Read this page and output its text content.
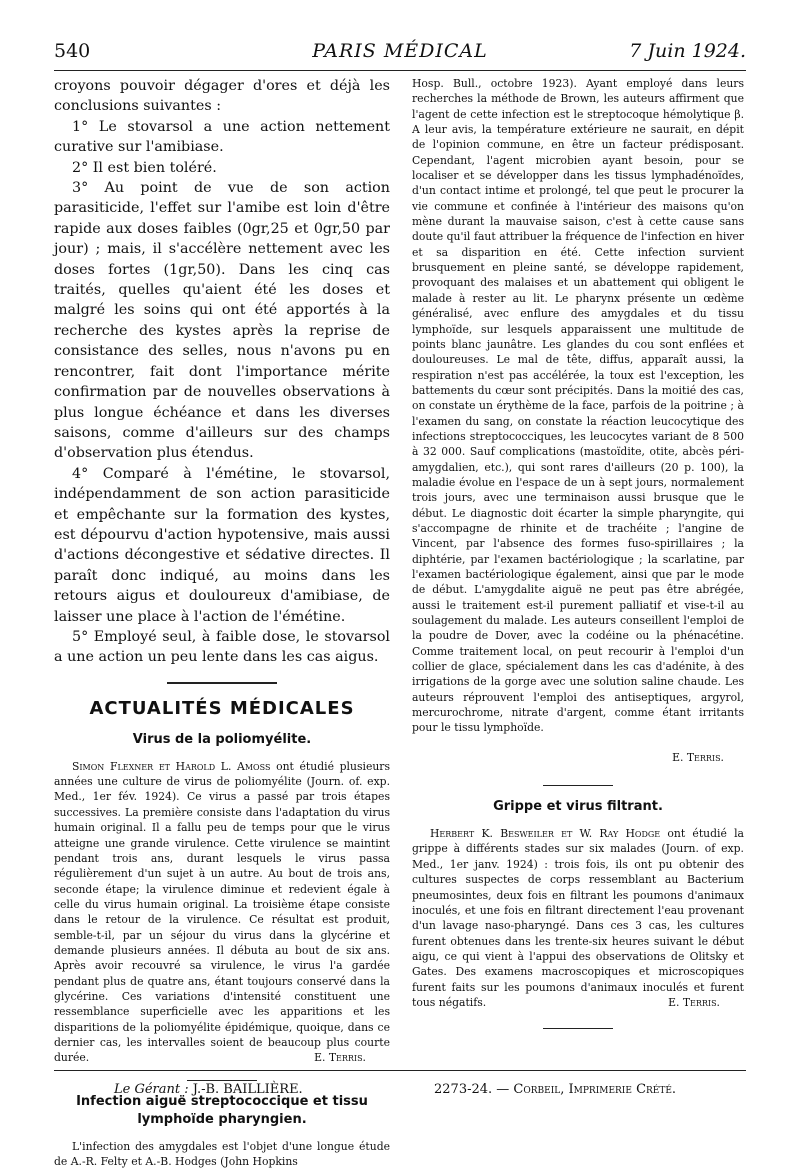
540	PARIS MÉDICAL	7 Juin 1924.

croyons pouvoir dégager d'ores et déjà les conclusions suivantes :

1° Le stovarsol a une action nettement curative sur l'amibiase.

2° Il est bien toléré.

3° Au point de vue de son action parasiticide, l'effet sur l'amibe est loin d'être rapide aux doses faibles (0gr,25 et 0gr,50 par jour) ; mais, il s'accélère nettement avec les doses fortes (1gr,50). Dans les cinq cas traités, quelles qu'aient été les doses et malgré les soins qui ont été apportés à la recherche des kystes après la reprise de consistance des selles, nous n'avons pu en rencontrer, fait dont l'importance mérite confirmation par de nouvelles observations à plus longue échéance et dans les diverses saisons, comme d'ailleurs sur des champs d'observation plus étendus.

4° Comparé à l'émétine, le stovarsol, indépendamment de son action parasiticide et empêchante sur la formation des kystes, est dépourvu d'action hypotensive, mais aussi d'actions décongestive et sédative directes. Il paraît donc indiqué, au moins dans les retours aigus et douloureux d'amibiase, de laisser une place à l'action de l'émétine.

5° Employé seul, à faible dose, le stovarsol a une action un peu lente dans les cas aigus.

ACTUALITÉS MÉDICALES
Virus de la poliomyélite.

Simon Flexner et Harold L. Amoss ont étudié plusieurs années une culture de virus de poliomyélite (Journ. of. exp. Med., 1er fév. 1924). Ce virus a passé par trois étapes successives. La première consiste dans l'adaptation du virus humain original. Il a fallu peu de temps pour que le virus atteigne une grande virulence. Cette virulence se maintint pendant trois ans, durant lesquels le virus passa régulièrement d'un sujet à un autre. Au bout de trois ans, seconde étape; la virulence diminue et redevient égale à celle du virus humain original. La troisième étape consiste dans le retour de la virulence. Ce résultat est produit, semble-t-il, par un séjour du virus dans la glycérine et demande plusieurs années. Il débuta au bout de six ans. Après avoir recouvré sa virulence, le virus l'a gardée pendant plus de quatre ans, étant toujours conservé dans la glycérine. Ces variations d'intensité constituent une ressemblance superficielle avec les apparitions et les disparitions de la poliomyélite épidémique, quoique, dans ce dernier cas, les intervalles soient de beaucoup plus courte durée.	E. Terris.

Infection aiguë streptococcique et tissu lymphoïde pharyngien.

L'infection des amygdales est l'objet d'une longue étude de A.-R. Felty et A.-B. Hodges (John Hopkins

Hosp. Bull., octobre 1923). Ayant employé dans leurs recherches la méthode de Brown, les auteurs affirment que l'agent de cette infection est le streptocoque hémolytique β. A leur avis, la température extérieure ne saurait, en dépit de l'opinion commune, en être un facteur prédisposant. Cependant, l'agent microbien ayant besoin, pour se localiser et se développer dans les tissus lymphadénoïdes, d'un contact intime et prolongé, tel que peut le procurer la vie commune et confinée à l'intérieur des maisons qu'on mène durant la mauvaise saison, c'est à cette cause sans doute qu'il faut attribuer la fréquence de l'infection en hiver et sa disparition en été. Cette infection survient brusquement en pleine santé, se développe rapidement, provoquant des malaises et un abattement qui obligent le malade à rester au lit. Le pharynx présente un œdème généralisé, avec enflure des amygdales et du tissu lymphoïde, sur lesquels apparaissent une multitude de points blanc jaunâtre. Les glandes du cou sont enflées et douloureuses. Le mal de tête, diffus, apparaît aussi, la respiration n'est pas accélérée, la toux est l'exception, les battements du cœur sont précipités. Dans la moitié des cas, on constate un érythème de la face, parfois de la poitrine ; à l'examen du sang, on constate la réaction leucocytique des infections streptococciques, les leucocytes variant de 8 500 à 32 000. Sauf complications (mastoïdite, otite, abcès péri-amygdalien, etc.), qui sont rares d'ailleurs (20 p. 100), la maladie évolue en l'espace de un à sept jours, normalement trois jours, avec une terminaison aussi brusque que le début. Le diagnostic doit écarter la simple pharyngite, qui s'accompagne de rhinite et de trachéite ; l'angine de Vincent, par l'absence des formes fuso-spirillaires ; la diphtérie, par l'examen bactériologique ; la scarlatine, par l'examen bactériologique également, ainsi que par le mode de début. L'amygdalite aiguë ne peut pas être abrégée, aussi le traitement est-il purement palliatif et vise-t-il au soulagement du malade. Les auteurs conseillent l'emploi de la poudre de Dover, avec la codéine ou la phénacétine. Comme traitement local, on peut recourir à l'emploi d'un collier de glace, spécialement dans les cas d'adénite, à des irrigations de la gorge avec une solution saline chaude. Les auteurs réprouvent l'emploi des antiseptiques, argyrol, mercurochrome, nitrate d'argent, comme étant irritants pour le tissu lymphoïde.

E. Terris.

Grippe et virus filtrant.

Herbert K. Besweiler et W. Ray Hodge ont étudié la grippe à différents stades sur six malades (Journ. of exp. Med., 1er janv. 1924) : trois fois, ils ont pu obtenir des cultures suspectes de corps ressemblant au Bacterium pneumosintes, deux fois en filtrant les poumons d'animaux inoculés, et une fois en filtrant directement l'eau provenant d'un lavage naso-pharyngé. Dans ces 3 cas, les cultures furent obtenues dans les trente-six heures suivant le début aigu, ce qui vient à l'appui des observations de Olitsky et Gates. Des examens macroscopiques et microscopiques furent faits sur les poumons d'animaux inoculés et furent tous négatifs.	E. Terris.

Le Gérant : J.-B. BAILLIÈRE.	2273-24. — Corbeil, Imprimerie Crété.
